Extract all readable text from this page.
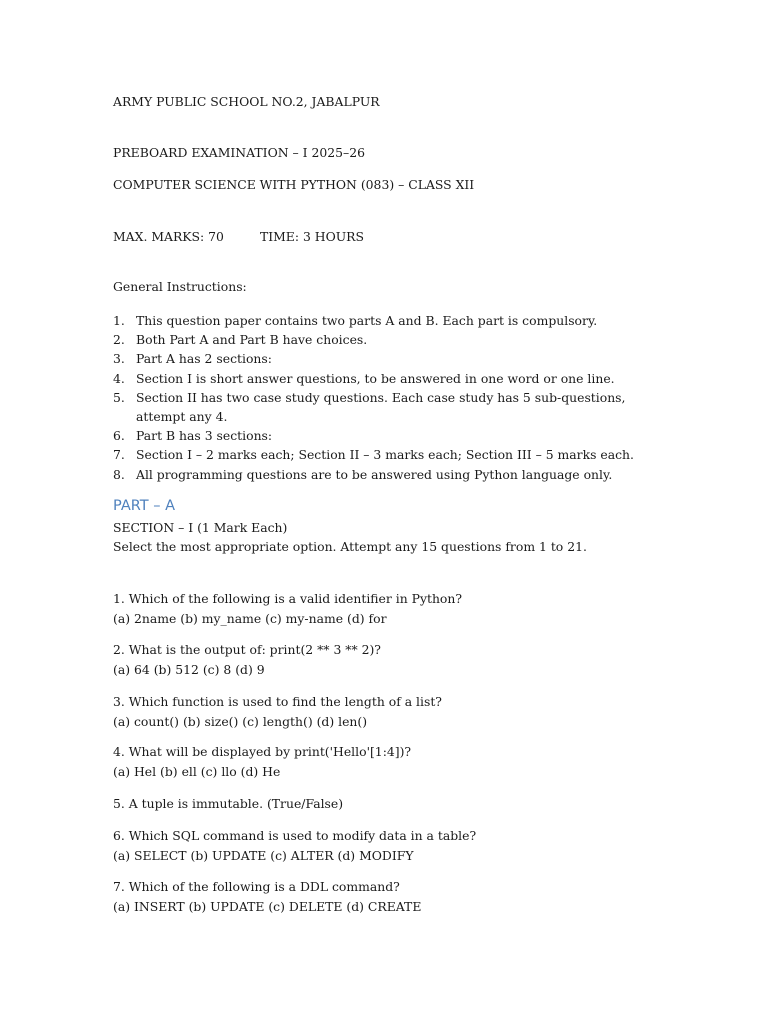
ARMY PUBLIC SCHOOL NO.2, JABALPUR
PREBOARD EXAMINATION – I 2025–26
COMPUTER SCIENCE WITH PYTHON (083) – CLASS XII
MAX. MARKS: 70	TIME: 3 HOURS
General Instructions:
1. This question paper contains two parts A and B. Each part is compulsory.
2. Both Part A and Part B have choices.
3. Part A has 2 sections:
4. Section I is short answer questions, to be answered in one word or one line.
5. Section II has two case study questions. Each case study has 5 sub-questions, attempt any 4.
6. Part B has 3 sections:
7. Section I – 2 marks each; Section II – 3 marks each; Section III – 5 marks each.
8. All programming questions are to be answered using Python language only.
PART – A
SECTION – I (1 Mark Each)
Select the most appropriate option. Attempt any 15 questions from 1 to 21.
1. Which of the following is a valid identifier in Python?
(a) 2name (b) my_name (c) my-name (d) for
2. What is the output of: print(2 ** 3 ** 2)?
(a) 64 (b) 512 (c) 8 (d) 9
3. Which function is used to find the length of a list?
(a) count() (b) size() (c) length() (d) len()
4. What will be displayed by print('Hello'[1:4])?
(a) Hel (b) ell (c) llo (d) He
5. A tuple is immutable. (True/False)
6. Which SQL command is used to modify data in a table?
(a) SELECT (b) UPDATE (c) ALTER (d) MODIFY
7. Which of the following is a DDL command?
(a) INSERT (b) UPDATE (c) DELETE (d) CREATE
